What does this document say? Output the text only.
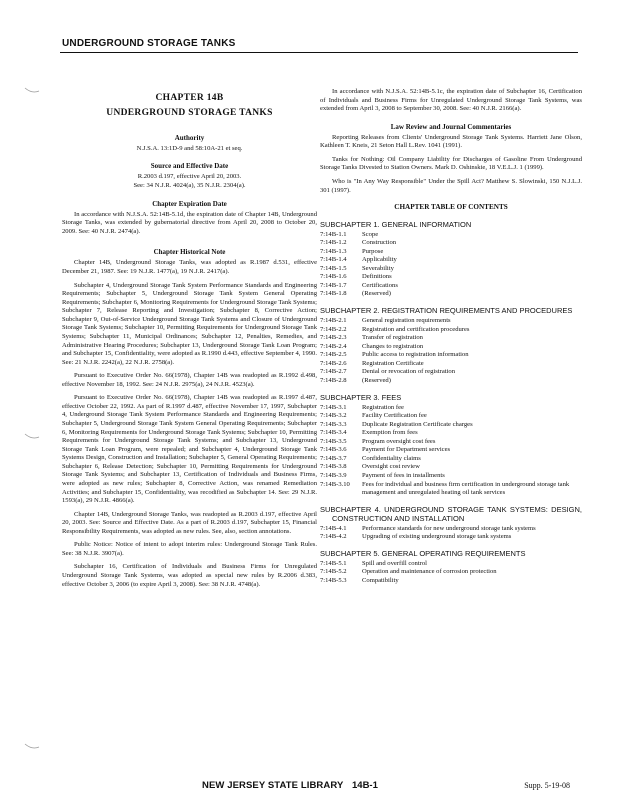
UNDERGROUND STORAGE TANKS
CHAPTER 14B
UNDERGROUND STORAGE TANKS
Authority
N.J.S.A. 13:1D-9 and 58:10A-21 et seq.
Source and Effective Date
R.2003 d.197, effective April 20, 2003.
See: 34 N.J.R. 4024(a), 35 N.J.R. 2304(a).
Chapter Expiration Date

In accordance with N.J.S.A. 52:14B-5.1d, the expiration date of Chapter 14B, Underground Storage Tanks, was extended by gubernatorial directive from April 20, 2008 to October 20, 2009. See: 40 N.J.R. 2474(a).

Chapter Historical Note

Chapter 14B, Underground Storage Tanks, was adopted as R.1987 d.531, effective December 21, 1987. See: 19 N.J.R. 1477(a), 19 N.J.R. 2417(a).

Subchapter 4, Underground Storage Tank System Performance Standards and Engineering Requirements; Subchapter 5, Underground Storage Tank System General Operating Requirements; Subchapter 6, Monitoring Requirements for Underground Storage Tank Systems; Subchapter 7, Release Reporting and Investigation; Subchapter 8, Corrective Action; Subchapter 9, Out-of-Service Underground Storage Tank Systems and Closure of Underground Storage Tank Systems; Subchapter 10, Permitting Requirements for Underground Storage Tank Systems; Subchapter 11, Municipal Ordinances; Subchapter 12, Penalties, Remedies, and Administrative Hearing Procedures; Subchapter 13, Underground Storage Tank Loan Program; and Subchapter 15, Confidentiality, were adopted as R.1990 d.443, effective September 4, 1990. See: 21 N.J.R. 2242(a), 22 N.J.R. 2758(a).

Pursuant to Executive Order No. 66(1978), Chapter 14B was readopted as R.1992 d.498, effective November 18, 1992. See: 24 N.J.R. 2975(a), 24 N.J.R. 4523(a).

Pursuant to Executive Order No. 66(1978), Chapter 14B was readopted as R.1997 d.487, effective October 22, 1992. As part of R.1997 d.487, effective November 17, 1997, Subchapter 4, Underground Storage Tank System Performance Standards and Engineering Requirements; Subchapter 5, Underground Storage Tank System General Operating Requirements; Subchapter 6, Monitoring Requirements for Underground Storage Tank Systems; Subchapter 10, Permitting Requirements for Underground Storage Tank Systems; and Subchapter 13, Underground Storage Tank Loan Program, were repealed; and Subchapter 4, Underground Storage Tank Systems Design, Construction and Installation; Subchapter 5, General Operating Requirements; Subchapter 6, Release Detection; Subchapter 10, Permitting Requirements for Underground Storage Tank Systems; and Subchapter 13, Certification of Individuals and Business Firms, were adopted as new rules; Subchapter 8, Corrective Action, was renamed Remediation Activities; and Subchapter 15, Confidentiality, was recodified as Subchapter 14. See: 29 N.J.R. 1593(a), 29 N.J.R. 4866(a).

Chapter 14B, Underground Storage Tanks, was readopted as R.2003 d.197, effective April 20, 2003. See: Source and Effective Date. As a part of R.2003 d.197, Subchapter 15, Financial Responsibility Requirements, was adopted as new rules. See, also, section annotations.

Public Notice: Notice of intent to adopt interim rules: Underground Storage Tank Rules. See: 38 N.J.R. 3907(a).

Subchapter 16, Certification of Individuals and Business Firms for Unregulated Underground Storage Tank Systems, was adopted as special new rules by R.2006 d.383, effective October 3, 2006 (to expire April 3, 2008). See: 38 N.J.R. 4748(a).

In accordance with N.J.S.A. 52:14B-5.1c, the expiration date of Subchapter 16, Certification of Individuals and Business Firms for Unregulated Underground Storage Tank Systems, was extended from April 3, 2008 to September 30, 2008. See: 40 N.J.R. 2166(a).

Law Review and Journal Commentaries

Reporting Releases from Clients' Underground Storage Tank Systems. Harriett Jane Olson, Kathleen T. Kneis, 21 Seton Hall L.Rev. 1041 (1991).

Tanks for Nothing: Oil Company Liability for Discharges of Gasoline From Underground Storage Tanks Divested to Station Owners. Mark D. Oshinskie, 18 V.E.L.J. 1 (1999).

Who is "In Any Way Responsible" Under the Spill Act? Matthew S. Slowinski, 150 N.J.L.J. 301 (1997).

CHAPTER TABLE OF CONTENTS
SUBCHAPTER 1. GENERAL INFORMATION
7:14B-1.1	Scope
7:14B-1.2	Construction
7:14B-1.3	Purpose
7:14B-1.4	Applicability
7:14B-1.5	Severability
7:14B-1.6	Definitions
7:14B-1.7	Certifications
7:14B-1.8	(Reserved)
SUBCHAPTER 2. REGISTRATION REQUIREMENTS AND PROCEDURES
7:14B-2.1	General registration requirements
7:14B-2.2	Registration and certification procedures
7:14B-2.3	Transfer of registration
7:14B-2.4	Changes to registration
7:14B-2.5	Public access to registration information
7:14B-2.6	Registration Certificate
7:14B-2.7	Denial or revocation of registration
7:14B-2.8	(Reserved)
SUBCHAPTER 3. FEES
7:14B-3.1	Registration fee
7:14B-3.2	Facility Certification fee
7:14B-3.3	Duplicate Registration Certificate charges
7:14B-3.4	Exemption from fees
7:14B-3.5	Program oversight cost fees
7:14B-3.6	Payment for Department services
7:14B-3.7	Confidentiality claims
7:14B-3.8	Oversight cost review
7:14B-3.9	Payment of fees in installments
7:14B-3.10	Fees for individual and business firm certification in underground storage tank management and unregulated heating oil tank services
SUBCHAPTER 4. UNDERGROUND STORAGE TANK SYSTEMS: DESIGN, CONSTRUCTION AND INSTALLATION
7:14B-4.1	Performance standards for new underground storage tank systems
7:14B-4.2	Upgrading of existing underground storage tank systems
SUBCHAPTER 5. GENERAL OPERATING REQUIREMENTS
7:14B-5.1	Spill and overfill control
7:14B-5.2	Operation and maintenance of corrosion protection
7:14B-5.3	Compatibility
NEW JERSEY STATE LIBRARY 14B-1	Supp. 5-19-08
